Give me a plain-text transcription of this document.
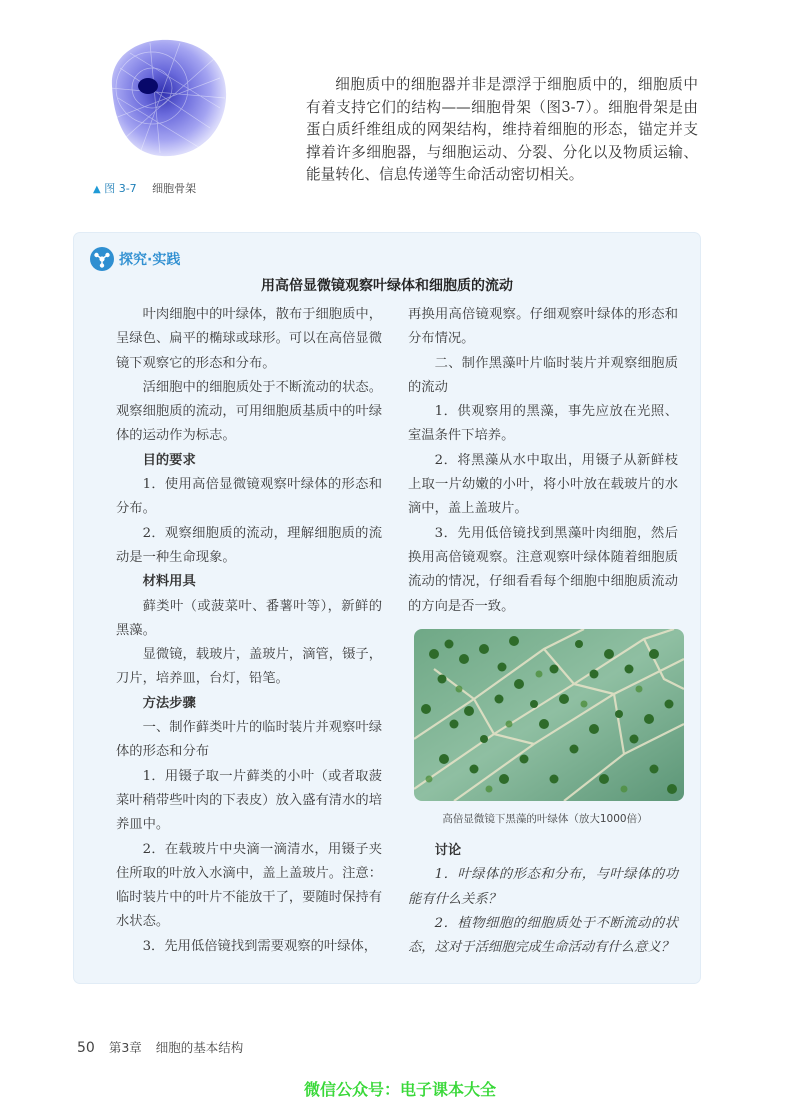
▲ 图 3-7 细胞骨架

细胞质中的细胞器并非是漂浮于细胞质中的，细胞质中有着支持它们的结构——细胞骨架（图3-7）。细胞骨架是由蛋白质纤维组成的网架结构，维持着细胞的形态，锚定并支撑着许多细胞器，与细胞运动、分裂、分化以及物质运输、能量转化、信息传递等生命活动密切相关。

探究·实践
用高倍显微镜观察叶绿体和细胞质的流动

叶肉细胞中的叶绿体，散布于细胞质中，呈绿色、扁平的椭球或球形。可以在高倍显微镜下观察它的形态和分布。

活细胞中的细胞质处于不断流动的状态。观察细胞质的流动，可用细胞质基质中的叶绿体的运动作为标志。

目的要求

1．使用高倍显微镜观察叶绿体的形态和分布。

2．观察细胞质的流动，理解细胞质的流动是一种生命现象。

材料用具

藓类叶（或菠菜叶、番薯叶等），新鲜的黑藻。

显微镜，载玻片，盖玻片，滴管，镊子，刀片，培养皿，台灯，铅笔。

方法步骤

一、制作藓类叶片的临时装片并观察叶绿体的形态和分布

1．用镊子取一片藓类的小叶（或者取菠菜叶稍带些叶肉的下表皮）放入盛有清水的培养皿中。

2．在载玻片中央滴一滴清水，用镊子夹住所取的叶放入水滴中，盖上盖玻片。注意：临时装片中的叶片不能放干了，要随时保持有水状态。

3．先用低倍镜找到需要观察的叶绿体，

再换用高倍镜观察。仔细观察叶绿体的形态和分布情况。

二、制作黑藻叶片临时装片并观察细胞质的流动

1．供观察用的黑藻，事先应放在光照、室温条件下培养。

2．将黑藻从水中取出，用镊子从新鲜枝上取一片幼嫩的小叶，将小叶放在载玻片的水滴中，盖上盖玻片。

3．先用低倍镜找到黑藻叶肉细胞，然后换用高倍镜观察。注意观察叶绿体随着细胞质流动的情况，仔细看看每个细胞中细胞质流动的方向是否一致。

高倍显微镜下黑藻的叶绿体（放大1000倍）
讨论

1．叶绿体的形态和分布，与叶绿体的功能有什么关系？

2．植物细胞的细胞质处于不断流动的状态，这对于活细胞完成生命活动有什么意义？

50 第3章 细胞的基本结构
微信公众号：电子课本大全
